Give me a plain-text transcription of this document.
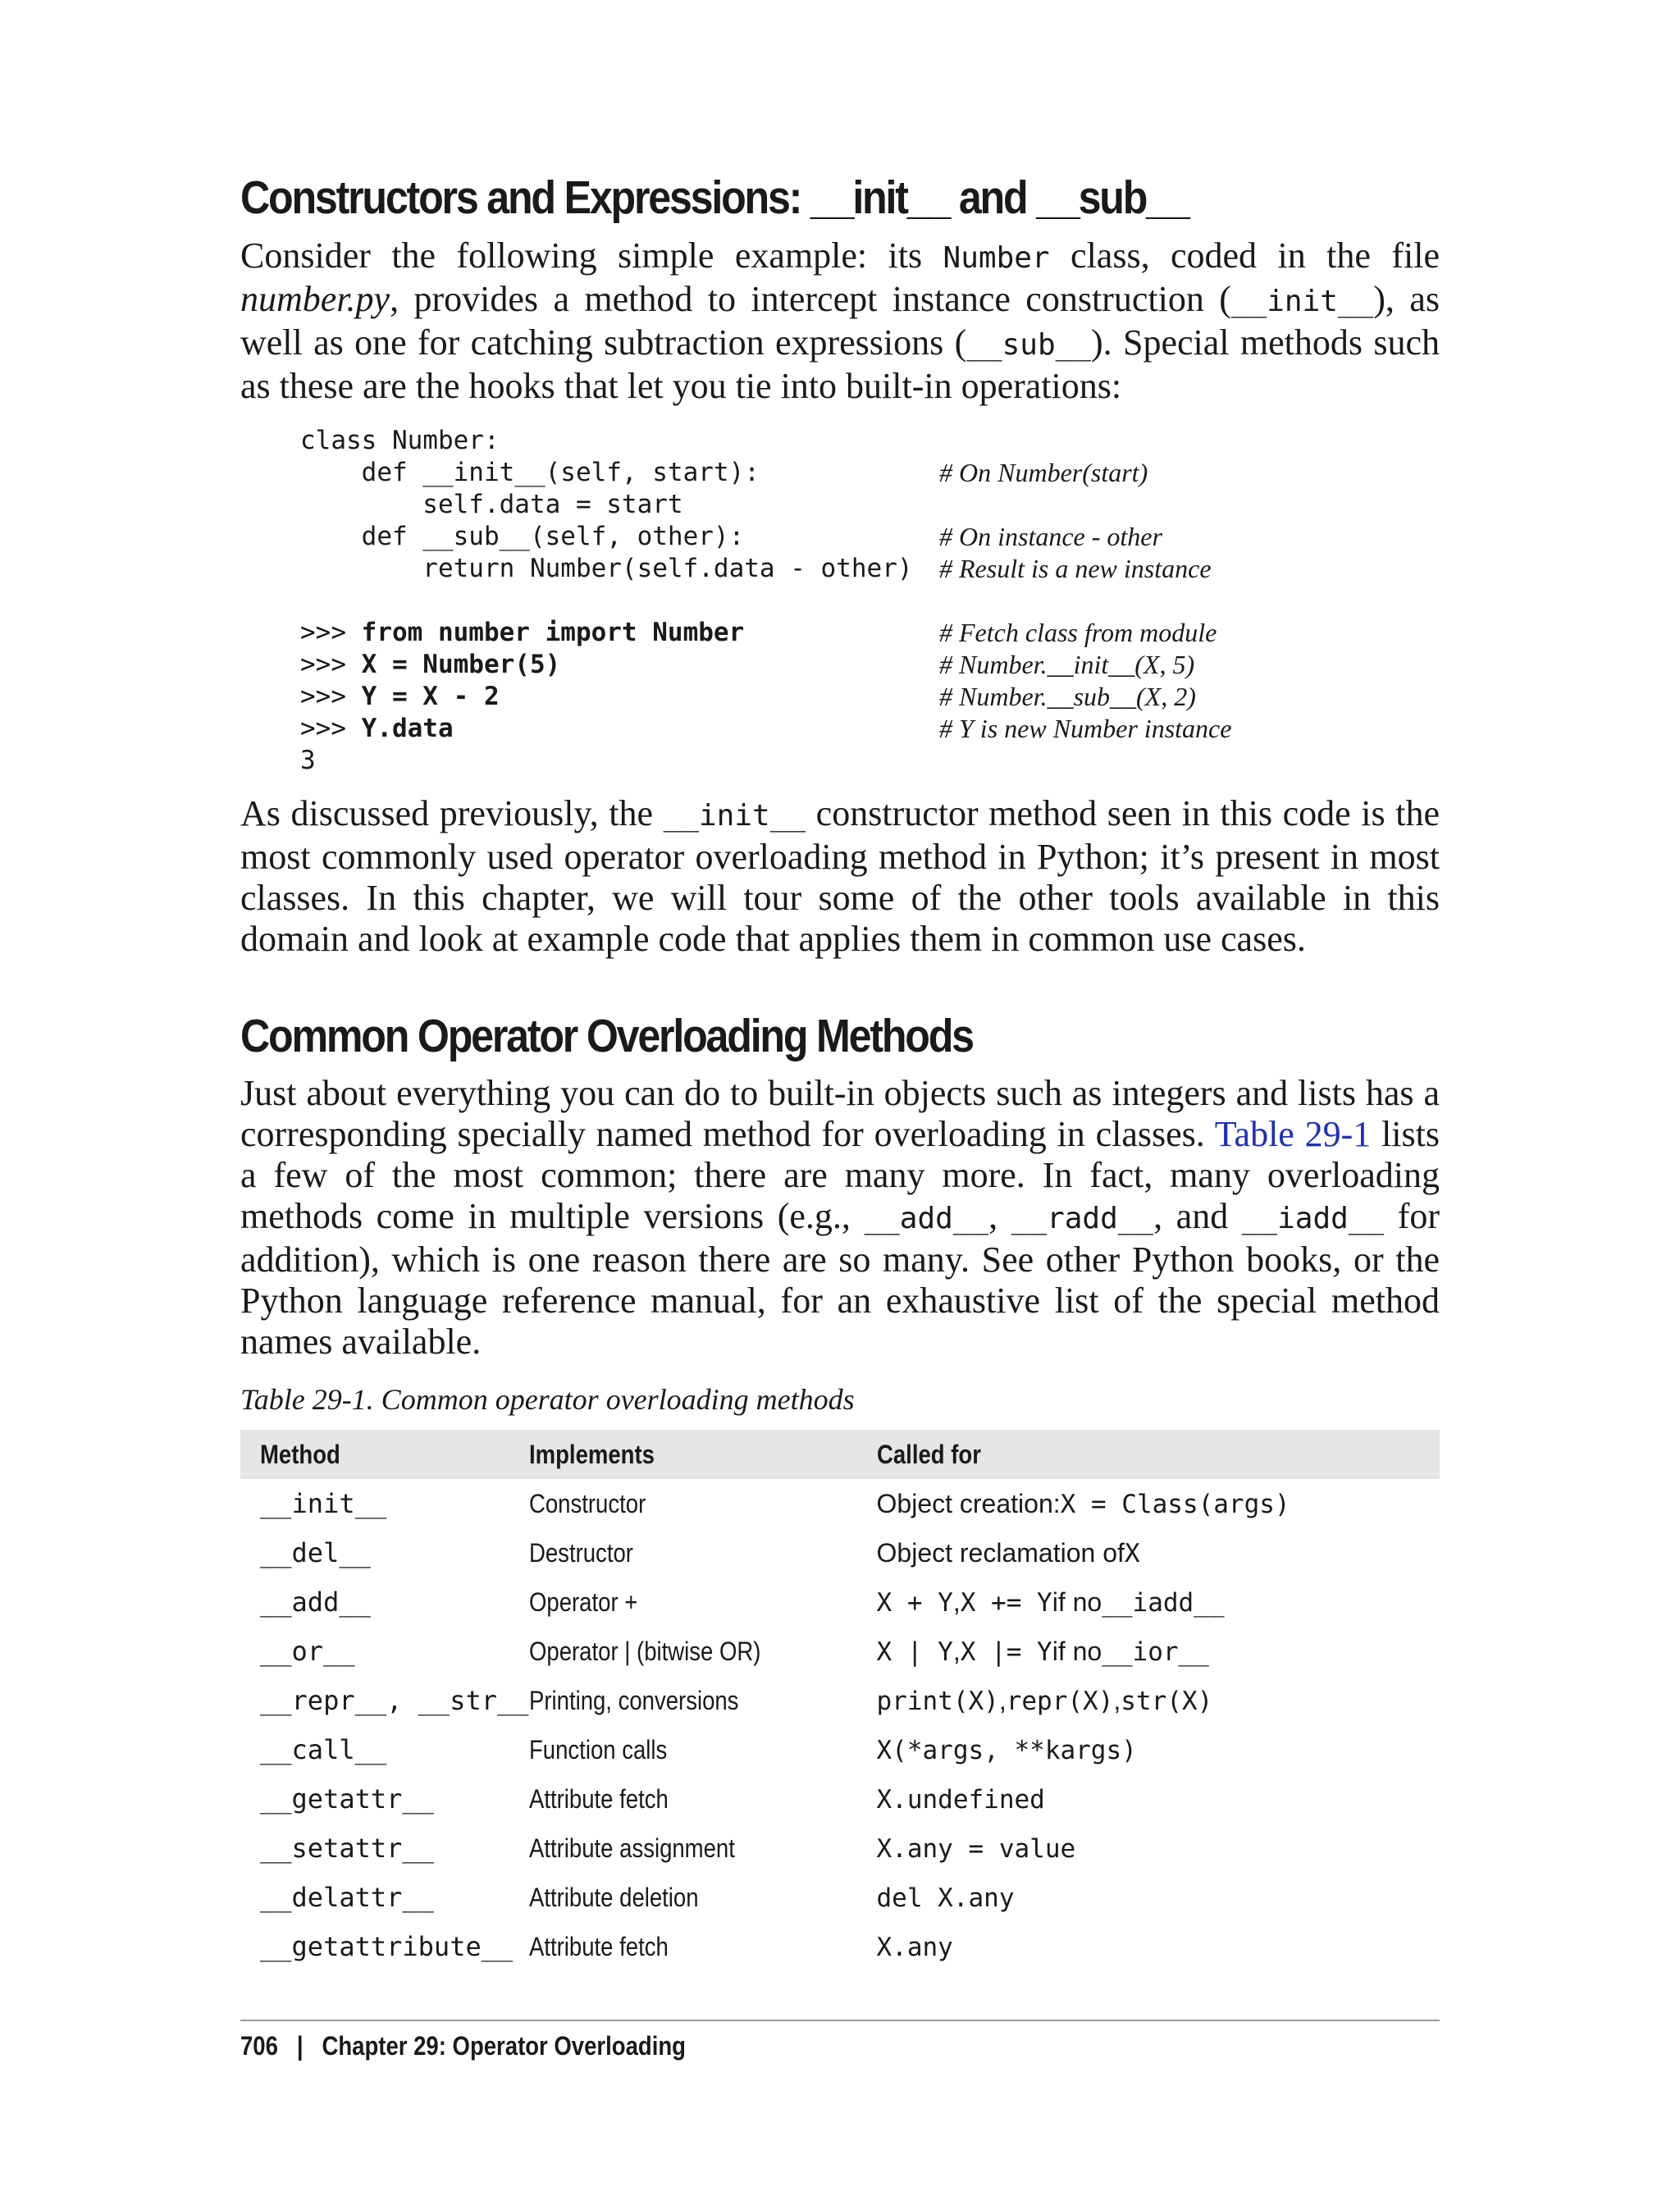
Constructors and Expressions: __init__ and __sub__

Consider the following simple example: its Number class, coded in the file number.py, provides a method to intercept instance construction (__init__), as well as one for catching subtraction expressions (__sub__). Special methods such as these are the hooks that let you tie into built-in operations:

class Number:
def __init__(self, start):	# On Number(start)
self.data = start
def __sub__(self, other):	# On instance - other
return Number(self.data - other) # Result is a new instance
>>> from number import Number	# Fetch class from module
>>> X = Number(5)	# Number.__init__(X, 5)
>>> Y = X - 2	# Number.__sub__(X, 2)
>>> Y.data	# Y is new Number instance
3

As discussed previously, the __init__ constructor method seen in this code is the most commonly used operator overloading method in Python; it’s present in most classes. In this chapter, we will tour some of the other tools available in this domain and look at example code that applies them in common use cases.

Common Operator Overloading Methods

Just about everything you can do to built-in objects such as integers and lists has a corresponding specially named method for overloading in classes. Table 29-1 lists a few of the most common; there are many more. In fact, many overloading methods come in multiple versions (e.g., __add__, __radd__, and __iadd__ for addition), which is one reason there are so many. See other Python books, or the Python language reference manual, for an exhaustive list of the special method names available.

Table 29-1. Common operator overloading methods

Method	Implements	Called for
__init__	Constructor	Object creation:X = Class(args)
__del__	Destructor	Object reclamation ofX
__add__	Operator +	X + Y,X += Yif no__iadd__
__or__	Operator | (bitwise OR)	X | Y,X |= Yif no__ior__
__repr__, __str__	Printing, conversions	print(X),repr(X),str(X)
__call__	Function calls	X(*args, **kargs)
__getattr__	Attribute fetch	X.undefined
__setattr__	Attribute assignment	X.any = value
__delattr__	Attribute deletion	del X.any
__getattribute__	Attribute fetch	X.any
706 | Chapter 29: Operator Overloading
